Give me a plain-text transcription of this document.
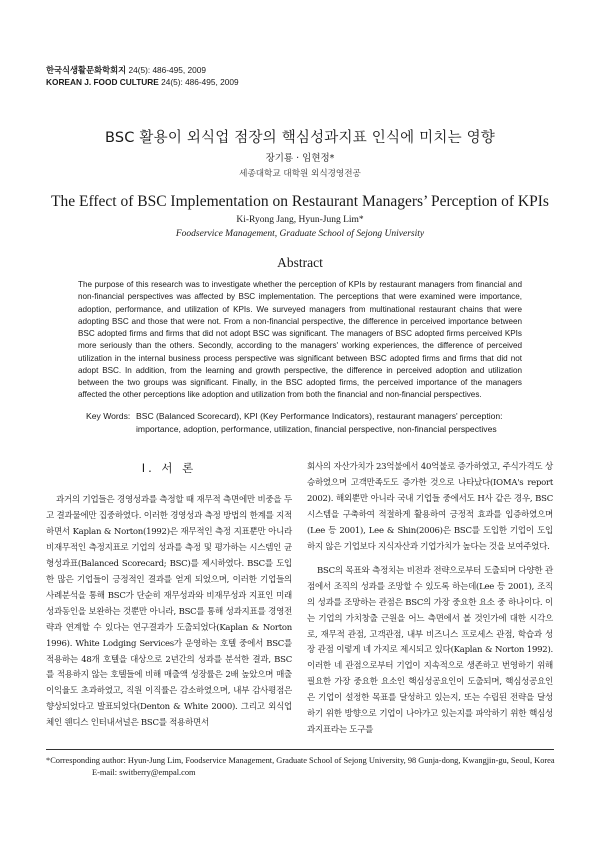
한국식생활문화학회지 24(5): 486-495, 2009
KOREAN J. FOOD CULTURE 24(5): 486-495, 2009
BSC 활용이 외식업 점장의 핵심성과지표 인식에 미치는 영향
장기룡 · 임현정*
세종대학교 대학원 외식경영전공
The Effect of BSC Implementation on Restaurant Managers’ Perception of KPIs
Ki-Ryong Jang, Hyun-Jung Lim*
Foodservice Management, Graduate School of Sejong University
Abstract
The purpose of this research was to investigate whether the perception of KPIs by restaurant managers from financial and non-financial perspectives was affected by BSC implementation. The perceptions that were examined were importance, adoption, performance, and utilization of KPIs. We surveyed managers from multinational restaurant chains that were adopting BSC and those that were not. From a non-financial perspective, the difference in perceived importance between BSC adopted firms and firms that did not adopt BSC was significant. The managers of BSC adopted firms perceived KPIs more seriously than the others. Secondly, according to the managers' working experiences, the difference of perceived utilization in the internal business process perspective was significant between BSC adopted firms and firms that did not adopt BSC. In addition, from the learning and growth perspective, the difference in perceived adoption and utilization between the two groups was significant. Finally, in the BSC adopted firms, the perceived importance of the managers affected the other perceptions like adoption and utilization from both the financial and non-financial perspectives.
Key Words: BSC (Balanced Scorecard), KPI (Key Performance Indicators), restaurant managers' perception: importance, adoption, performance, utilization, financial perspective, non-financial perspectives
I. 서 론

과거의 기업들은 경영성과를 측정할 때 재무적 측면에만 비중을 두고 결과물에만 집중하였다. 이러한 경영성과 측정 방법의 한계를 지적하면서 Kaplan & Norton(1992)은 재무적인 측정 지표뿐만 아니라 비재무적인 측정지표로 기업의 성과를 측정 및 평가하는 시스템인 균형성과표(Balanced Scorecard; BSC)를 제시하였다. BSC를 도입한 많은 기업들이 긍정적인 결과를 얻게 되었으며, 이러한 기업들의 사례분석을 통해 BSC가 단순히 재무성과와 비재무성과 지표인 미래 성과동인을 보완하는 것뿐만 아니라, BSC를 통해 성과지표를 경영전략과 연계할 수 있다는 연구결과가 도출되었다(Kaplan & Norton 1996). White Lodging Services가 운영하는 호텔 중에서 BSC를 적용하는 48개 호텔을 대상으로 2년간의 성과를 분석한 결과, BSC를 적용하지 않는 호텔들에 비해 매출액 성장률은 2배 높았으며 매출 이익율도 초과하였고, 직원 이직률은 감소하였으며, 내부 감사평점은 향상되었다고 발표되었다(Denton & White 2000). 그리고 외식업체인 웬디스 인터내셔널은 BSC를 적용하면서

회사의 자산가치가 23억불에서 40억불로 증가하였고, 주식가격도 상승하였으며 고객만족도도 증가한 것으로 나타났다(IOMA's report 2002). 해외뿐만 아니라 국내 기업들 중에서도 H사 같은 경우, BSC 시스템을 구축하여 적절하게 활용하여 긍정적 효과를 입증하였으며(Lee 등 2001), Lee & Shin(2006)은 BSC를 도입한 기업이 도입하지 않은 기업보다 지식자산과 기업가치가 높다는 것을 보여주었다.

BSC의 목표와 측정치는 비전과 전략으로부터 도출되며 다양한 관점에서 조직의 성과를 조망할 수 있도록 하는데(Lee 등 2001), 조직의 성과를 조망하는 관점은 BSC의 가장 중요한 요소 중 하나이다. 이는 기업의 가치창출 근원을 어느 측면에서 볼 것인가에 대한 시각으로, 재무적 관점, 고객관점, 내부 비즈니스 프로세스 관점, 학습과 성장 관점 이렇게 네 가지로 제시되고 있다(Kaplan & Norton 1992). 이러한 네 관점으로부터 기업이 지속적으로 생존하고 번영하기 위해 필요한 가장 중요한 요소인 핵심성공요인이 도출되며, 핵심성공요인은 기업이 설정한 목표를 달성하고 있는지, 또는 수립된 전략을 달성하기 위한 방향으로 기업이 나아가고 있는지를 파악하기 위한 핵심성과지표라는 도구를

*Corresponding author: Hyun-Jung Lim, Foodservice Management, Graduate School of Sejong University, 98 Gunja-dong, Kwangjin-gu, Seoul, Korea
E-mail: switberry@empal.com
